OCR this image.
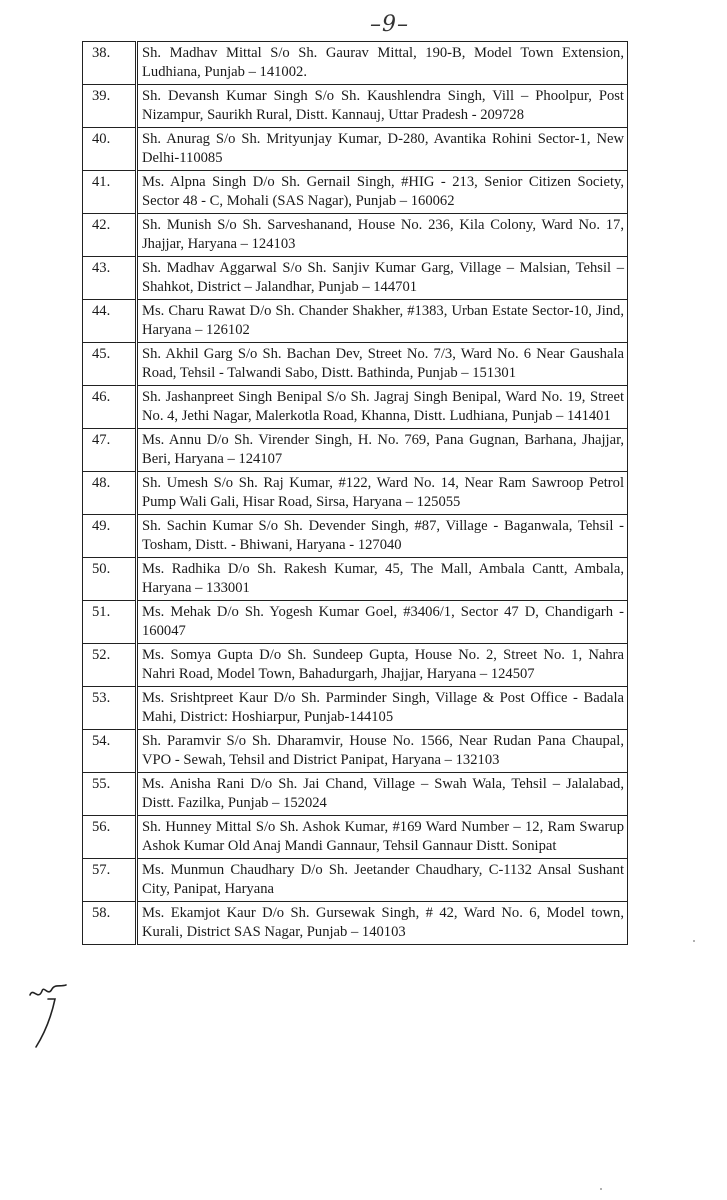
–9–
38.	Sh. Madhav Mittal S/o Sh. Gaurav Mittal, 190-B, Model Town Extension, Ludhiana, Punjab – 141002.
39.	Sh. Devansh Kumar Singh S/o Sh. Kaushlendra Singh, Vill – Phoolpur, Post Nizampur, Saurikh Rural, Distt. Kannauj, Uttar Pradesh - 209728
40.	Sh. Anurag S/o Sh. Mrityunjay Kumar, D-280, Avantika Rohini Sector-1, New Delhi-110085
41.	Ms. Alpna Singh D/o Sh. Gernail Singh, #HIG - 213, Senior Citizen Society, Sector 48 - C, Mohali (SAS Nagar), Punjab – 160062
42.	Sh. Munish S/o Sh. Sarveshanand, House No. 236, Kila Colony, Ward No. 17, Jhajjar, Haryana – 124103
43.	Sh. Madhav Aggarwal S/o Sh. Sanjiv Kumar Garg, Village – Malsian, Tehsil – Shahkot, District – Jalandhar, Punjab – 144701
44.	Ms. Charu Rawat D/o Sh. Chander Shakher, #1383, Urban Estate Sector-10, Jind, Haryana – 126102
45.	Sh. Akhil Garg S/o Sh. Bachan Dev, Street No. 7/3, Ward No. 6 Near Gaushala Road, Tehsil - Talwandi Sabo, Distt. Bathinda, Punjab – 151301
46.	Sh. Jashanpreet Singh Benipal S/o Sh. Jagraj Singh Benipal, Ward No. 19, Street No. 4, Jethi Nagar, Malerkotla Road, Khanna, Distt. Ludhiana, Punjab – 141401
47.	Ms. Annu D/o Sh. Virender Singh, H. No. 769, Pana Gugnan, Barhana, Jhajjar, Beri, Haryana – 124107
48.	Sh. Umesh S/o Sh. Raj Kumar, #122, Ward No. 14, Near Ram Sawroop Petrol Pump Wali Gali, Hisar Road, Sirsa, Haryana – 125055
49.	Sh. Sachin Kumar S/o Sh. Devender Singh, #87, Village - Baganwala, Tehsil - Tosham, Distt. - Bhiwani, Haryana - 127040
50.	Ms. Radhika D/o Sh. Rakesh Kumar, 45, The Mall, Ambala Cantt, Ambala, Haryana – 133001
51.	Ms. Mehak D/o Sh. Yogesh Kumar Goel, #3406/1, Sector 47 D, Chandigarh - 160047
52.	Ms. Somya Gupta D/o Sh. Sundeep Gupta, House No. 2, Street No. 1, Nahra Nahri Road, Model Town, Bahadurgarh, Jhajjar, Haryana – 124507
53.	Ms. Srishtpreet Kaur D/o Sh. Parminder Singh, Village & Post Office - Badala Mahi, District: Hoshiarpur, Punjab-144105
54.	Sh. Paramvir S/o Sh. Dharamvir, House No. 1566, Near Rudan Pana Chaupal, VPO - Sewah, Tehsil and District Panipat, Haryana – 132103
55.	Ms. Anisha Rani D/o Sh. Jai Chand, Village – Swah Wala, Tehsil – Jalalabad, Distt. Fazilka, Punjab – 152024
56.	Sh. Hunney Mittal S/o Sh. Ashok Kumar, #169 Ward Number – 12, Ram Swarup Ashok Kumar Old Anaj Mandi Gannaur, Tehsil Gannaur Distt. Sonipat
57.	Ms. Munmun Chaudhary D/o Sh. Jeetander Chaudhary, C-1132 Ansal Sushant City, Panipat, Haryana
58.	Ms. Ekamjot Kaur D/o Sh. Gursewak Singh, # 42, Ward No. 6, Model town, Kurali, District SAS Nagar, Punjab – 140103
